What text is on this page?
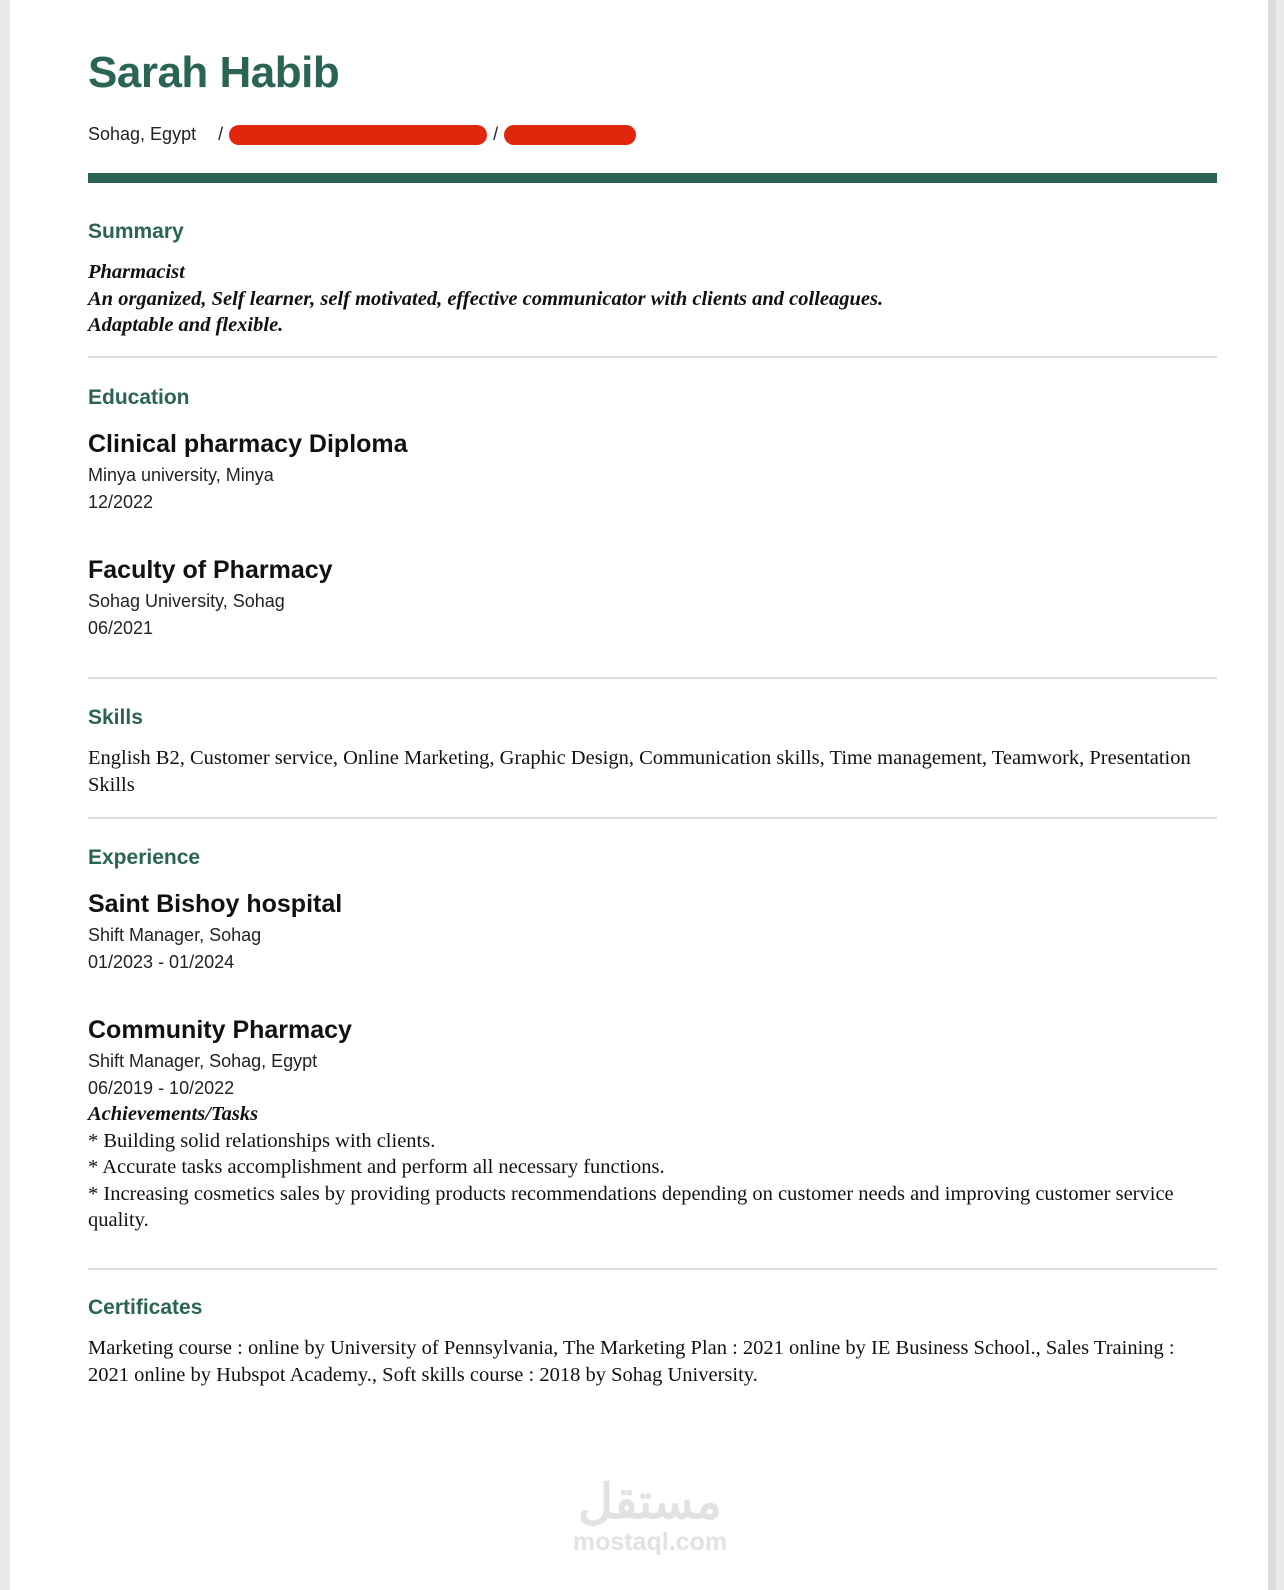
Sarah Habib
Sohag, Egypt /	/
Summary
Pharmacist
An organized, Self learner, self motivated, effective communicator with clients and colleagues.
Adaptable and flexible.
Education
Clinical pharmacy Diploma
Minya university, Minya
12/2022
Faculty of Pharmacy
Sohag University, Sohag
06/2021
Skills
English B2, Customer service, Online Marketing, Graphic Design, Communication skills, Time management, Teamwork, Presentation Skills
Experience
Saint Bishoy hospital
Shift Manager, Sohag
01/2023 - 01/2024
Community Pharmacy
Shift Manager, Sohag, Egypt
06/2019 - 10/2022
Achievements/Tasks
* Building solid relationships with clients.
* Accurate tasks accomplishment and perform all necessary functions.
* Increasing cosmetics sales by providing products recommendations depending on customer needs and improving customer service quality.
Certificates
Marketing course : online by University of Pennsylvania, The Marketing Plan : 2021 online by IE Business School., Sales Training : 2021 online by Hubspot Academy., Soft skills course : 2018 by Sohag University.
مستقل
mostaql.com
